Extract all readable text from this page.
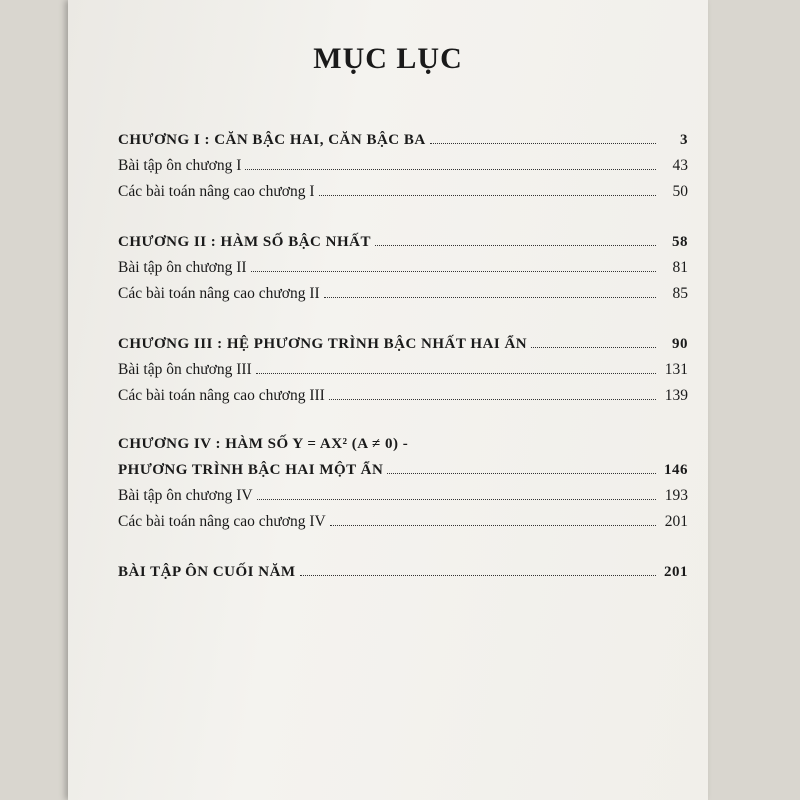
MỤC LỤC
CHƯƠNG I : CĂN BẬC HAI, CĂN BẬC BA	3
Bài tập ôn chương I	43
Các bài toán nâng cao chương I	50
CHƯƠNG II : HÀM SỐ BẬC NHẤT	58
Bài tập ôn chương II	81
Các bài toán nâng cao chương II	85
CHƯƠNG III : HỆ PHƯƠNG TRÌNH BẬC NHẤT HAI ẨN	90
Bài tập ôn chương III	131
Các bài toán nâng cao chương III	139
CHƯƠNG IV : HÀM SỐ Y = AX² (A ≠ 0) -
PHƯƠNG TRÌNH BẬC HAI MỘT ẨN	146
Bài tập ôn chương IV	193
Các bài toán nâng cao chương IV	201
BÀI TẬP ÔN CUỐI NĂM	201
